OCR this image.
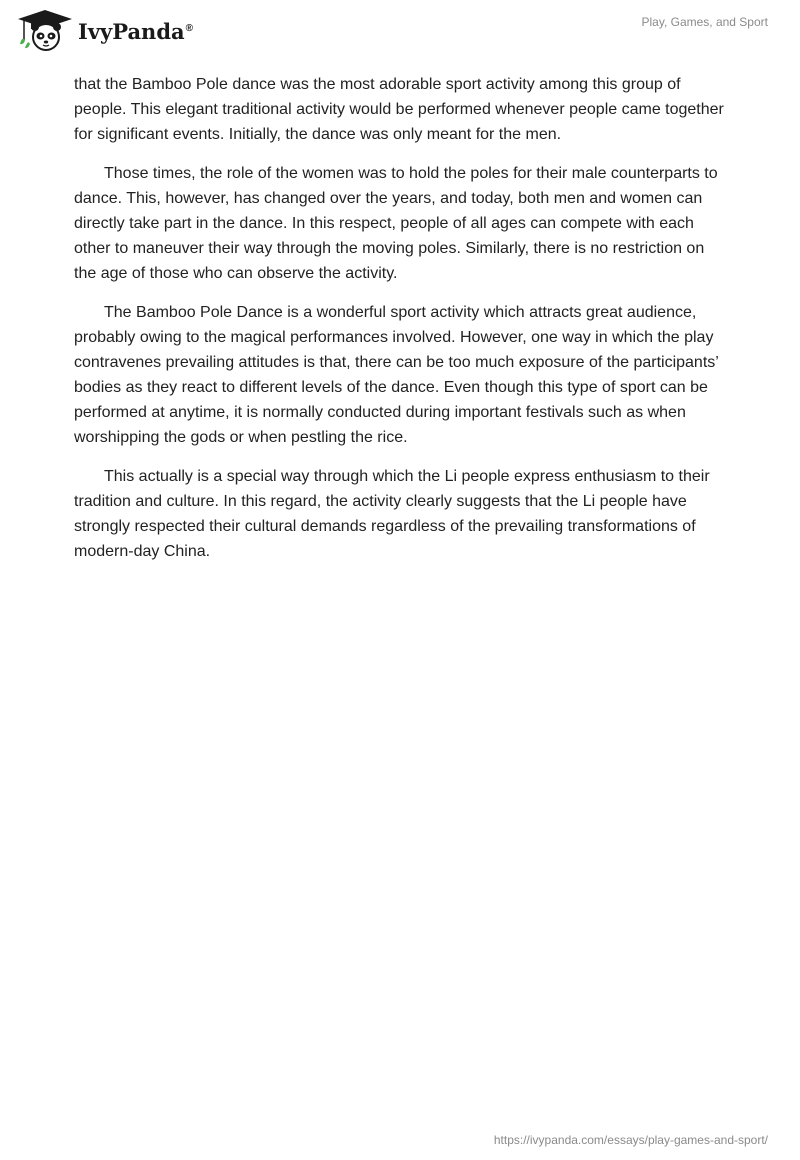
IvyPanda®	Play, Games, and Sport

that the Bamboo Pole dance was the most adorable sport activity among this group of people. This elegant traditional activity would be performed whenever people came together for significant events. Initially, the dance was only meant for the men.

Those times, the role of the women was to hold the poles for their male counterparts to dance. This, however, has changed over the years, and today, both men and women can directly take part in the dance. In this respect, people of all ages can compete with each other to maneuver their way through the moving poles. Similarly, there is no restriction on the age of those who can observe the activity.

The Bamboo Pole Dance is a wonderful sport activity which attracts great audience, probably owing to the magical performances involved. However, one way in which the play contravenes prevailing attitudes is that, there can be too much exposure of the participants’ bodies as they react to different levels of the dance. Even though this type of sport can be performed at anytime, it is normally conducted during important festivals such as when worshipping the gods or when pestling the rice.

This actually is a special way through which the Li people express enthusiasm to their tradition and culture. In this regard, the activity clearly suggests that the Li people have strongly respected their cultural demands regardless of the prevailing transformations of modern-day China.

https://ivypanda.com/essays/play-games-and-sport/
